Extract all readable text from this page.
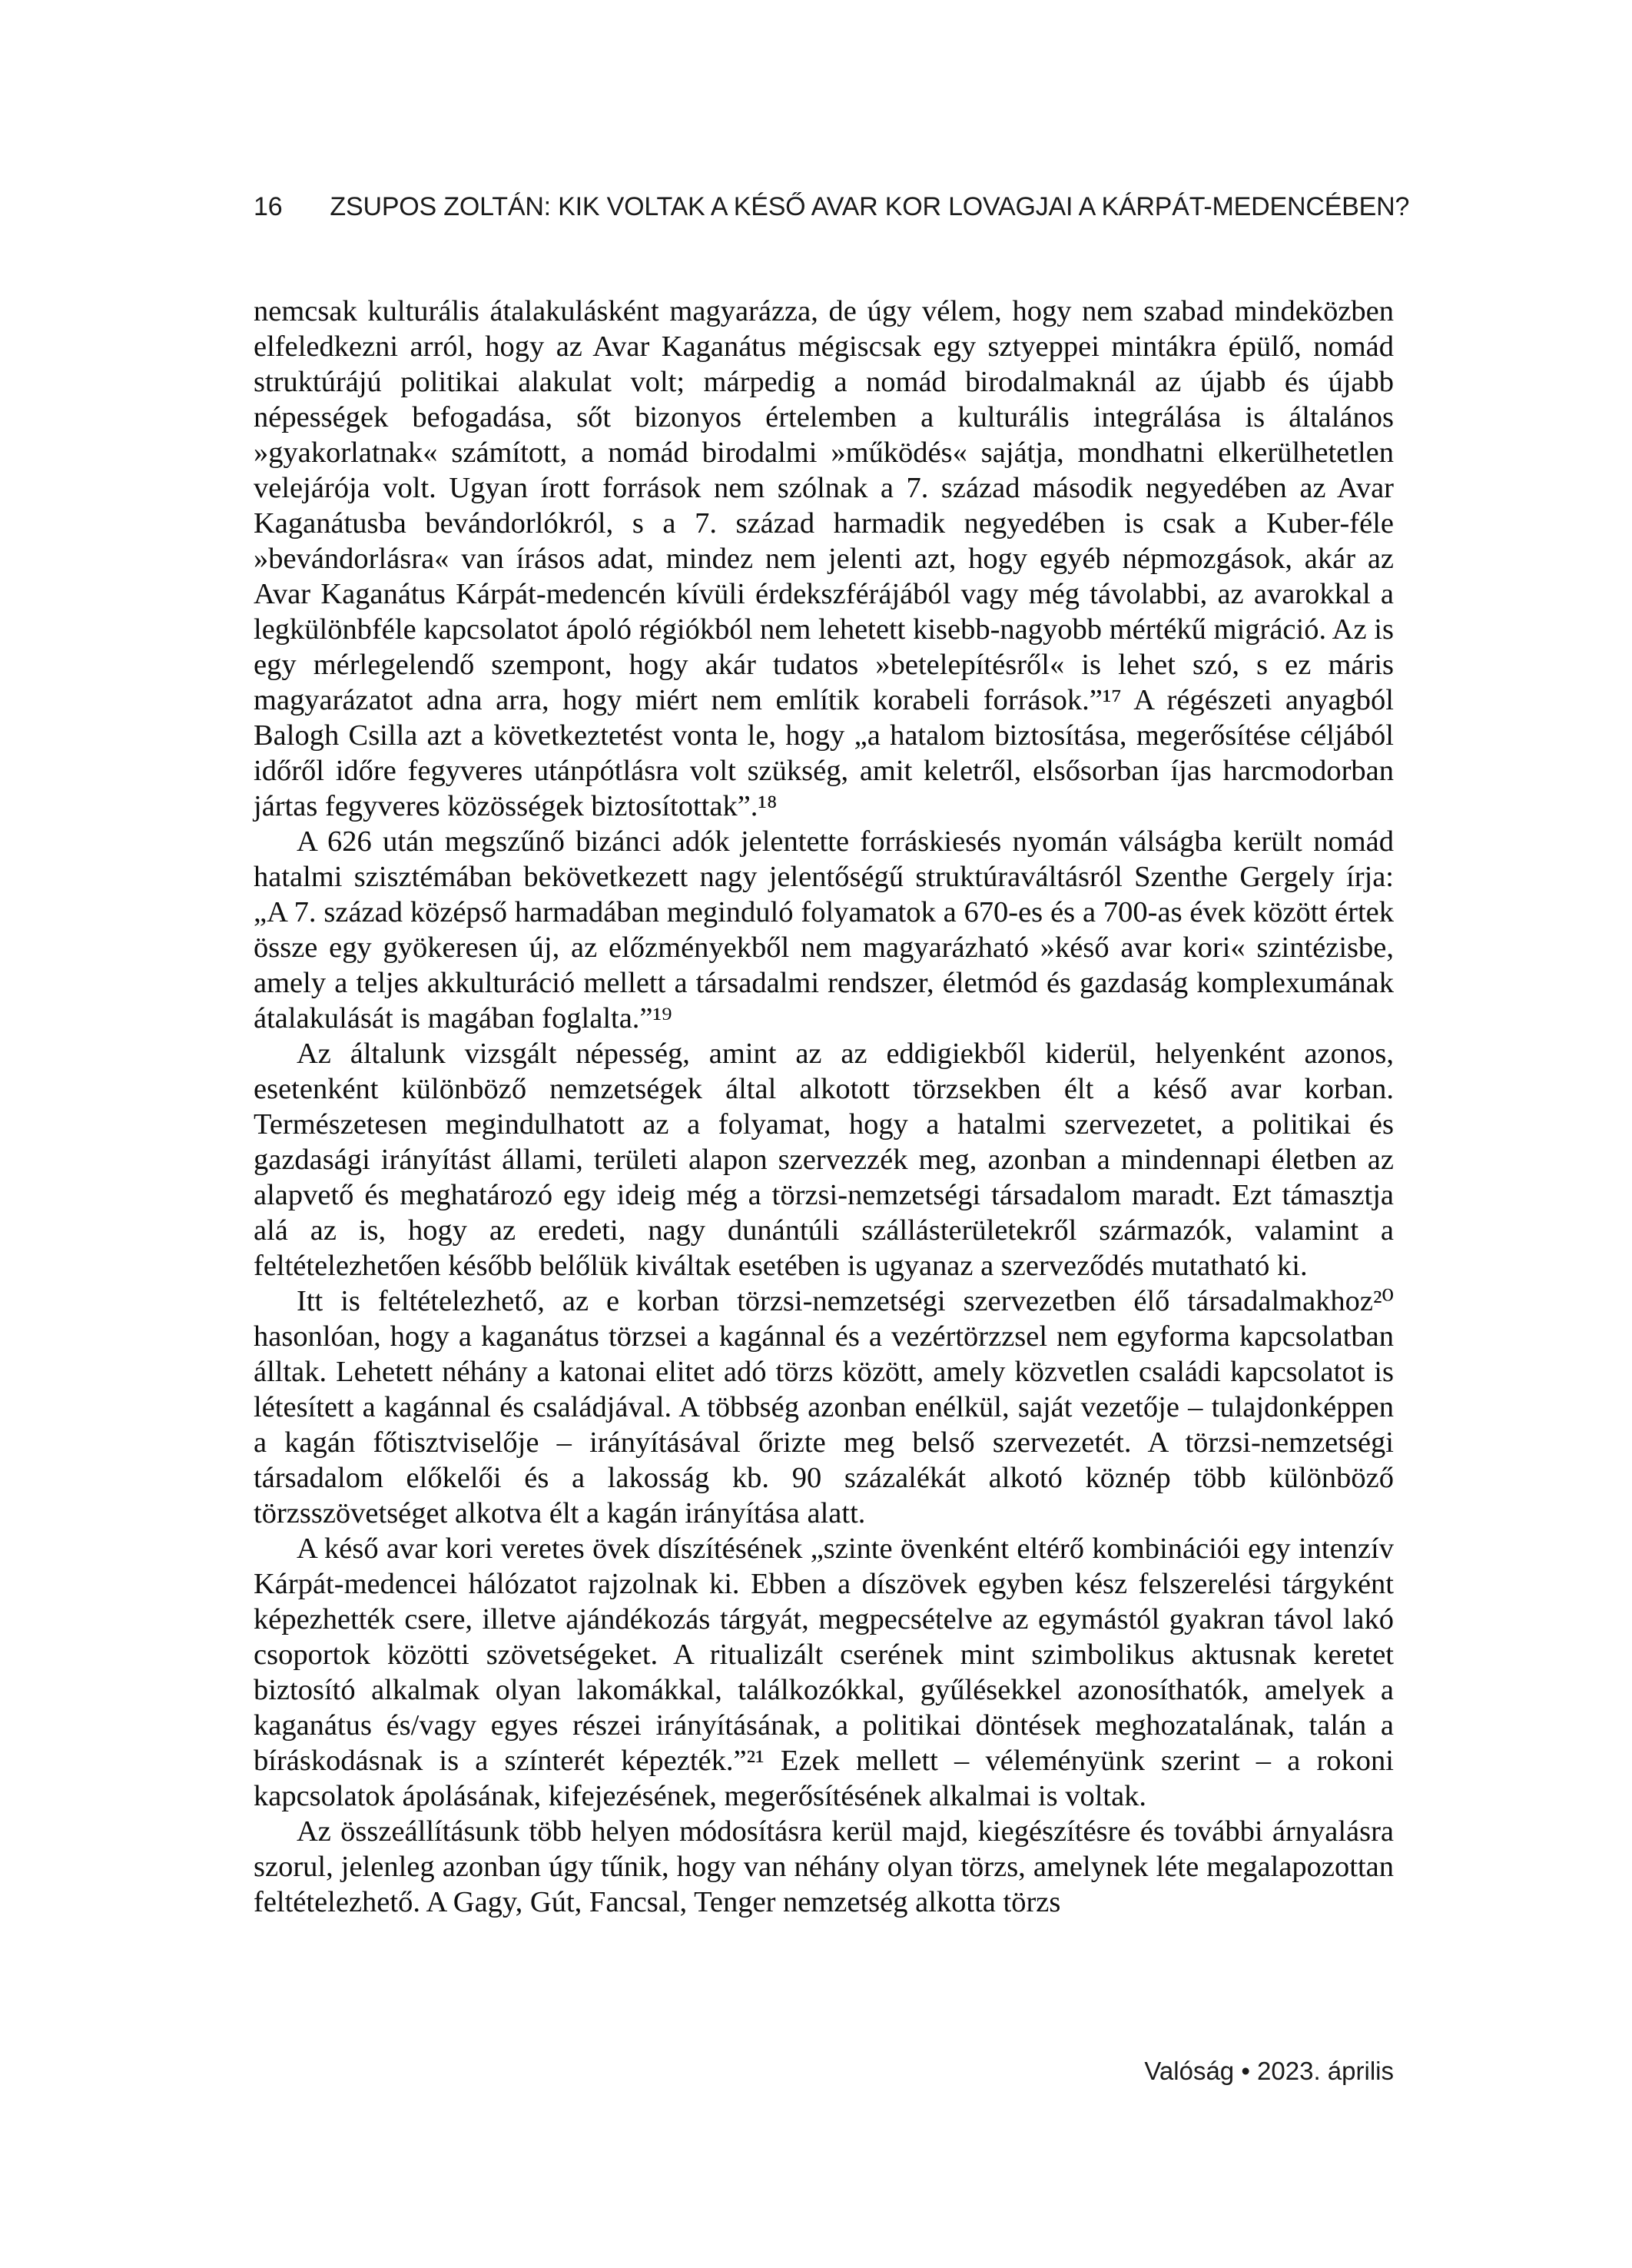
16 ZSUPOS ZOLTÁN: KIK VOLTAK A KÉSŐ AVAR KOR LOVAGJAI A KÁRPÁT-MEDENCÉBEN?

nemcsak kulturális átalakulásként magyarázza, de úgy vélem, hogy nem szabad mindeközben elfeledkezni arról, hogy az Avar Kaganátus mégiscsak egy sztyeppei mintákra épülő, nomád struktúrájú politikai alakulat volt; márpedig a nomád birodalmaknál az újabb és újabb népességek befogadása, sőt bizonyos értelemben a kulturális integrálása is általános »gyakorlatnak« számított, a nomád birodalmi »működés« sajátja, mondhatni elkerülhetetlen velejárója volt. Ugyan írott források nem szólnak a 7. század második negyedében az Avar Kaganátusba bevándorlókról, s a 7. század harmadik negyedében is csak a Kuber-féle »bevándorlásra« van írásos adat, mindez nem jelenti azt, hogy egyéb népmozgások, akár az Avar Kaganátus Kárpát-medencén kívüli érdekszférájából vagy még távolabbi, az avarokkal a legkülönbféle kapcsolatot ápoló régiókból nem lehetett kisebb-nagyobb mértékű migráció. Az is egy mérlegelendő szempont, hogy akár tudatos »betelepítésről« is lehet szó, s ez máris magyarázatot adna arra, hogy miért nem említik korabeli források.”¹⁷ A régészeti anyagból Balogh Csilla azt a következtetést vonta le, hogy „a hatalom biztosítása, megerősítése céljából időről időre fegyveres utánpótlásra volt szükség, amit keletről, elsősorban íjas harcmodorban jártas fegyveres közösségek biztosítottak”.¹⁸

A 626 után megszűnő bizánci adók jelentette forráskiesés nyomán válságba került nomád hatalmi szisztémában bekövetkezett nagy jelentőségű struktúraváltásról Szenthe Gergely írja: „A 7. század középső harmadában meginduló folyamatok a 670-es és a 700-as évek között értek össze egy gyökeresen új, az előzményekből nem magyarázható »késő avar kori« szintézisbe, amely a teljes akkulturáció mellett a társadalmi rendszer, életmód és gazdaság komplexumának átalakulását is magában foglalta.”¹⁹

Az általunk vizsgált népesség, amint az az eddigiekből kiderül, helyenként azonos, esetenként különböző nemzetségek által alkotott törzsekben élt a késő avar korban. Természetesen megindulhatott az a folyamat, hogy a hatalmi szervezetet, a politikai és gazdasági irányítást állami, területi alapon szervezzék meg, azonban a mindennapi életben az alapvető és meghatározó egy ideig még a törzsi-nemzetségi társadalom maradt. Ezt támasztja alá az is, hogy az eredeti, nagy dunántúli szállásterületekről származók, valamint a feltételezhetően később belőlük kiváltak esetében is ugyanaz a szerveződés mutatható ki.

Itt is feltételezhető, az e korban törzsi-nemzetségi szervezetben élő társadalmakhoz²⁰ hasonlóan, hogy a kaganátus törzsei a kagánnal és a vezértörzzsel nem egyforma kapcsolatban álltak. Lehetett néhány a katonai elitet adó törzs között, amely közvetlen családi kapcsolatot is létesített a kagánnal és családjával. A többség azonban enélkül, saját vezetője – tulajdonképpen a kagán főtisztviselője – irányításával őrizte meg belső szervezetét. A törzsi-nemzetségi társadalom előkelői és a lakosság kb. 90 százalékát alkotó köznép több különböző törzsszövetséget alkotva élt a kagán irányítása alatt.

A késő avar kori veretes övek díszítésének „szinte övenként eltérő kombinációi egy intenzív Kárpát-medencei hálózatot rajzolnak ki. Ebben a díszövek egyben kész felszerelési tárgyként képezhették csere, illetve ajándékozás tárgyát, megpecsételve az egymástól gyakran távol lakó csoportok közötti szövetségeket. A ritualizált cserének mint szimbolikus aktusnak keretet biztosító alkalmak olyan lakomákkal, találkozókkal, gyűlésekkel azonosíthatók, amelyek a kaganátus és/vagy egyes részei irányításának, a politikai döntések meghozatalának, talán a bíráskodásnak is a színterét képezték.”²¹ Ezek mellett – véleményünk szerint – a rokoni kapcsolatok ápolásának, kifejezésének, megerősítésének alkalmai is voltak.

Az összeállításunk több helyen módosításra kerül majd, kiegészítésre és további árnyalásra szorul, jelenleg azonban úgy tűnik, hogy van néhány olyan törzs, amelynek léte megalapozottan feltételezhető. A Gagy, Gút, Fancsal, Tenger nemzetség alkotta törzs

Valóság • 2023. április
